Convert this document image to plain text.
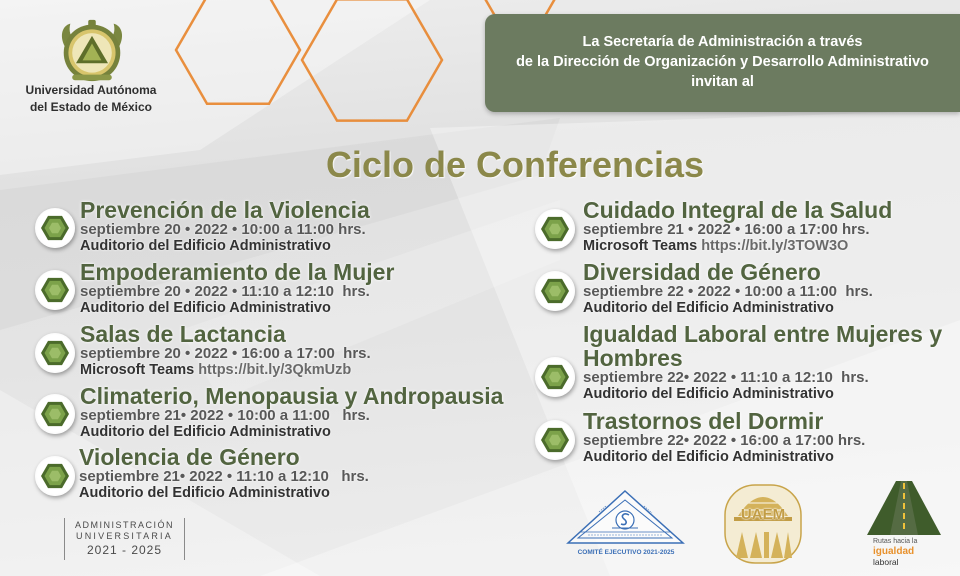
Universidad Autónoma
del Estado de México
La Secretaría de Administración a través
de la Dirección de Organización y Desarrollo Administrativo
invitan al
Ciclo de Conferencias
Prevención de la Violencia
septiembre 20 • 2022 • 10:00 a 11:00 hrs.
Auditorio del Edificio Administrativo
Empoderamiento de la Mujer
septiembre 20 • 2022 • 11:10 a 12:10  hrs.
Auditorio del Edificio Administrativo
Salas de Lactancia
septiembre 20 • 2022 • 16:00 a 17:00  hrs.
Microsoft Teams https://bit.ly/3QkmUzb
Climaterio, Menopausia y Andropausia
septiembre 21• 2022 • 10:00 a 11:00   hrs.
Auditorio del Edificio Administrativo
Violencia de Género
septiembre 21• 2022 • 11:10 a 12:10   hrs.
Auditorio del Edificio Administrativo
Cuidado Integral de la Salud
septiembre 21 • 2022 • 16:00 a 17:00 hrs.
Microsoft Teams https://bit.ly/3TOW3O
Diversidad de Género
septiembre 22 • 2022 • 10:00 a 11:00  hrs.
Auditorio del Edificio Administrativo
Igualdad Laboral entre Mujeres y Hombres
septiembre 22• 2022 • 11:10 a 12:10  hrs.
Auditorio del Edificio Administrativo
Trastornos del Dormir
septiembre 22• 2022 • 16:00 a 17:00 hrs.
Auditorio del Edificio Administrativo
ADMINISTRACIÓN
UNIVERSITARIA
2021 - 2025	COMITÉ EJECUTIVO 2021-2025
UAEM
Rutas hacia la
igualdad
laboral
